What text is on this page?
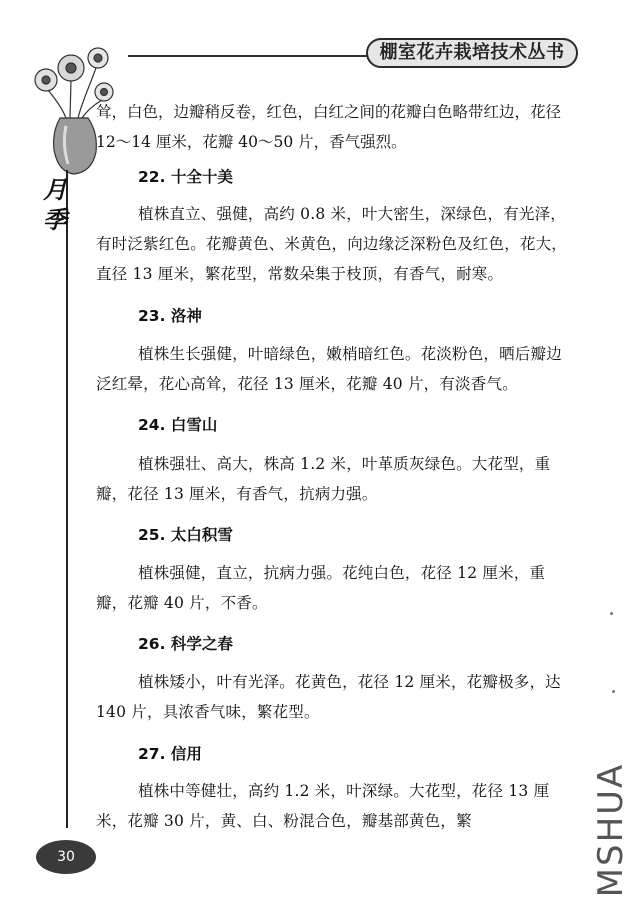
棚室花卉栽培技术丛书
月季
耸，白色，边瓣稍反卷，红色，白红之间的花瓣白色略带红边，花径 12～14 厘米，花瓣 40～50 片，香气强烈。
22. 十全十美
植株直立、强健，高约 0.8 米，叶大密生，深绿色，有光泽，有时泛紫红色。花瓣黄色、米黄色，向边缘泛深粉色及红色，花大，直径 13 厘米，繁花型，常数朵集于枝顶，有香气，耐寒。
23. 洛神
植株生长强健，叶暗绿色，嫩梢暗红色。花淡粉色，晒后瓣边泛红晕，花心高耸，花径 13 厘米，花瓣 40 片，有淡香气。
24. 白雪山
植株强壮、高大，株高 1.2 米，叶革质灰绿色。大花型，重瓣，花径 13 厘米，有香气，抗病力强。
25. 太白积雪
植株强健，直立，抗病力强。花纯白色，花径 12 厘米，重瓣，花瓣 40 片，不香。
26. 科学之春
植株矮小，叶有光泽。花黄色，花径 12 厘米，花瓣极多，达 140 片，具浓香气味，繁花型。
27. 信用
植株中等健壮，高约 1.2 米，叶深绿。大花型，花径 13 厘米，花瓣 30 片，黄、白、粉混合色，瓣基部黄色，繁
30	MSHUA
